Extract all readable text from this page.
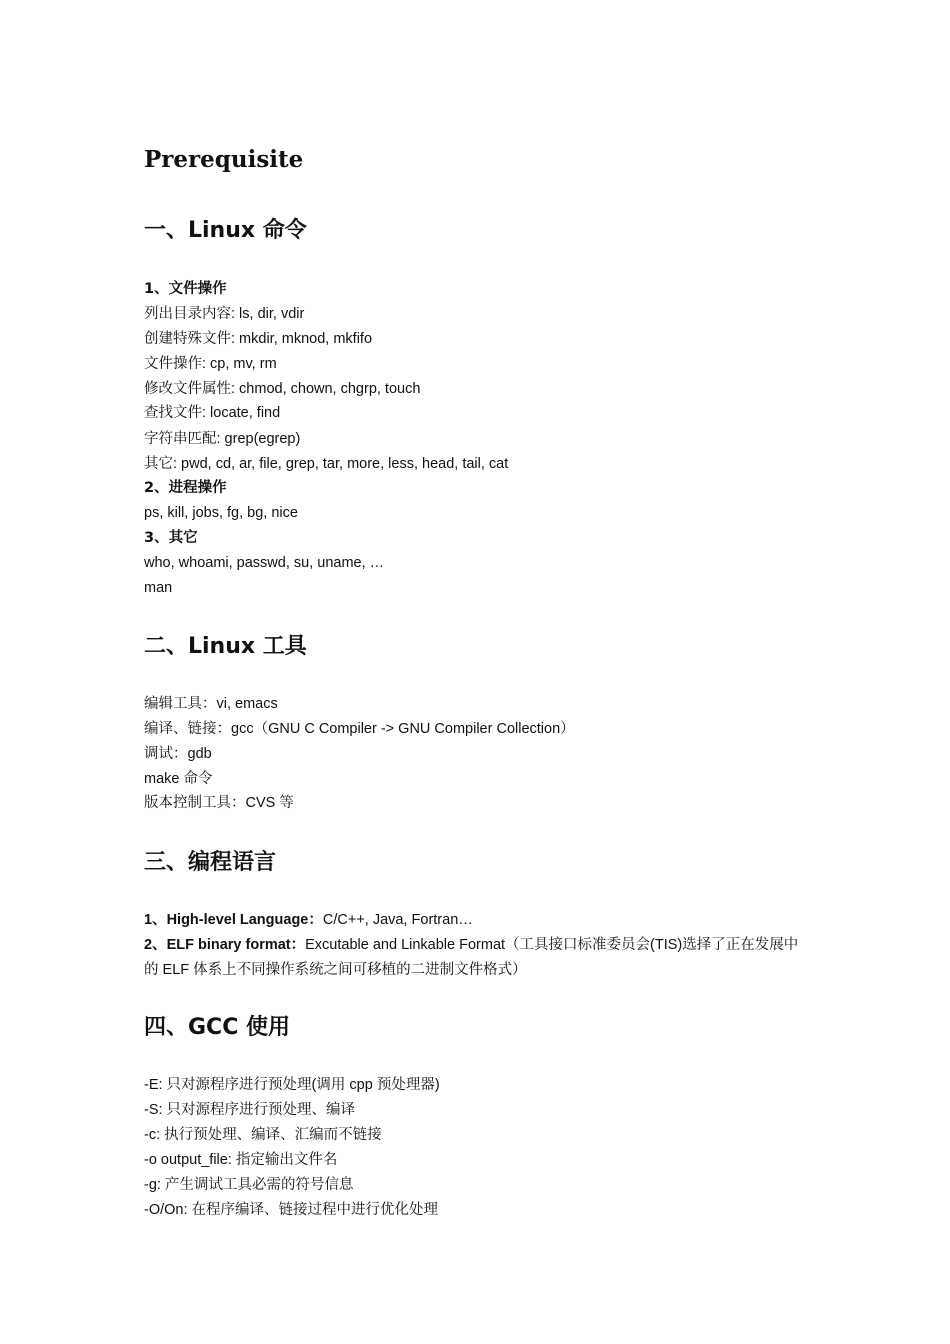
Prerequisite
一、Linux 命令
1、文件操作
列出目录内容: ls, dir, vdir
创建特殊文件: mkdir, mknod, mkfifo
文件操作: cp, mv, rm
修改文件属性: chmod, chown, chgrp, touch
查找文件: locate, find
字符串匹配: grep(egrep)
其它: pwd, cd, ar, file, grep, tar, more, less, head, tail, cat
2、进程操作
ps, kill, jobs, fg, bg, nice
3、其它
who, whoami, passwd, su, uname, …
man
二、Linux 工具
编辑工具：vi, emacs
编译、链接：gcc（GNU C Compiler -> GNU Compiler Collection）
调试：gdb
make 命令
版本控制工具：CVS 等
三、编程语言
1、High-level Language：C/C++, Java, Fortran…
2、ELF binary format：Excutable and Linkable Format（工具接口标准委员会(TIS)选择了正在发展中的 ELF 体系上不同操作系统之间可移植的二进制文件格式）
四、GCC 使用
-E: 只对源程序进行预处理(调用 cpp 预处理器)
-S: 只对源程序进行预处理、编译
-c: 执行预处理、编译、汇编而不链接
-o output_file: 指定输出文件名
-g: 产生调试工具必需的符号信息
-O/On: 在程序编译、链接过程中进行优化处理
